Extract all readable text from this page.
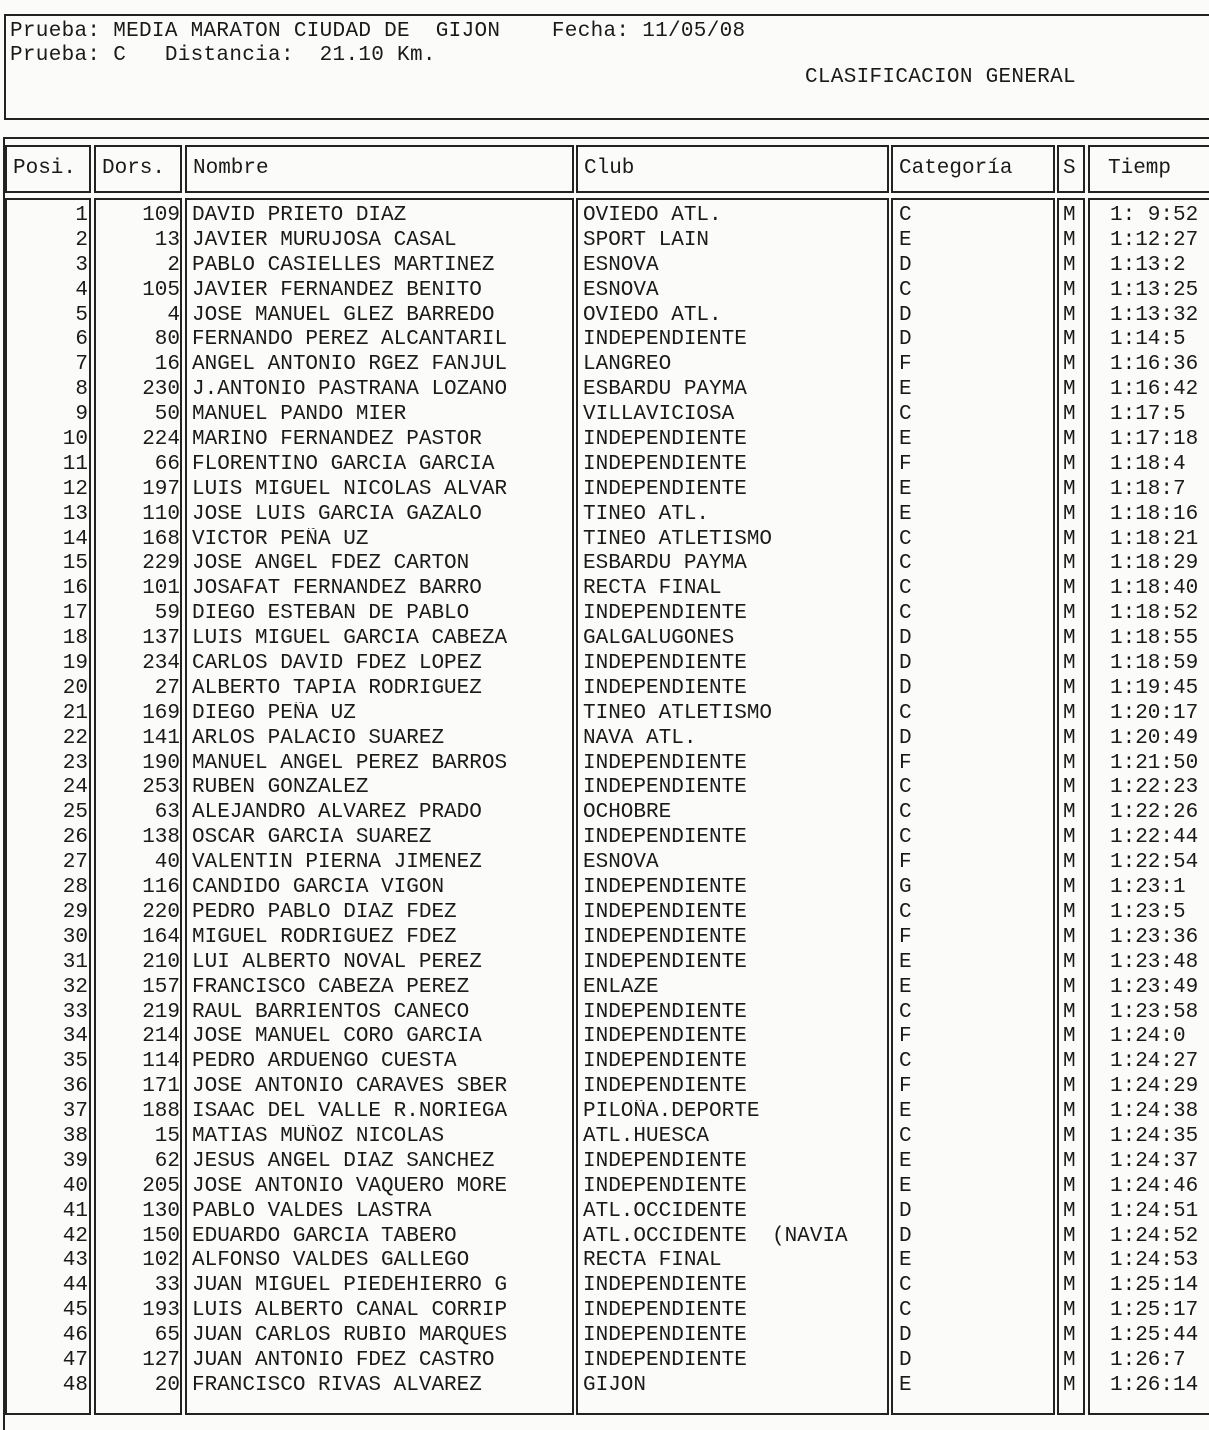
Prueba: MEDIA MARATON CIUDAD DE  GIJON    Fecha: 11/05/08
Prueba: C   Distancia:  21.10 Km.
CLASIFICACION GENERAL
Posi.	Dors.	Nombre	Club	Categoría	S	Tiemp
1	109 DAVID PRIETO DIAZ	OVIEDO ATL.	C	M	1: 9:52
2	13 JAVIER MURUJOSA CASAL	SPORT LAIN	E	M	1:12:27
3	2 PABLO CASIELLES MARTINEZ	ESNOVA	D	M	1:13:2
4	105 JAVIER FERNANDEZ BENITO	ESNOVA	C	M	1:13:25
5	4 JOSE MANUEL GLEZ BARREDO	OVIEDO ATL.	D	M	1:13:32
6	80 FERNANDO PEREZ ALCANTARIL	INDEPENDIENTE	D	M	1:14:5
7	16 ANGEL ANTONIO RGEZ FANJUL	LANGREO	F	M	1:16:36
8	230 J.ANTONIO PASTRANA LOZANO	ESBARDU PAYMA	E	M	1:16:42
9	50 MANUEL PANDO MIER	VILLAVICIOSA	C	M	1:17:5
10	224 MARINO FERNANDEZ PASTOR	INDEPENDIENTE	E	M	1:17:18
11	66 FLORENTINO GARCIA GARCIA	INDEPENDIENTE	F	M	1:18:4
12	197 LUIS MIGUEL NICOLAS ALVAR	INDEPENDIENTE	E	M	1:18:7
13	110 JOSE LUIS GARCIA GAZALO	TINEO ATL.	E	M	1:18:16
14	168 VICTOR PEÑA UZ	TINEO ATLETISMO	C	M	1:18:21
15	229 JOSE ANGEL FDEZ CARTON	ESBARDU PAYMA	C	M	1:18:29
16	101 JOSAFAT FERNANDEZ BARRO	RECTA FINAL	C	M	1:18:40
17	59 DIEGO ESTEBAN DE PABLO	INDEPENDIENTE	C	M	1:18:52
18	137 LUIS MIGUEL GARCIA CABEZA	GALGALUGONES	D	M	1:18:55
19	234 CARLOS DAVID FDEZ LOPEZ	INDEPENDIENTE	D	M	1:18:59
20	27 ALBERTO TAPIA RODRIGUEZ	INDEPENDIENTE	D	M	1:19:45
21	169 DIEGO PEÑA UZ	TINEO ATLETISMO	C	M	1:20:17
22	141 ARLOS PALACIO SUAREZ	NAVA ATL.	D	M	1:20:49
23	190 MANUEL ANGEL PEREZ BARROS	INDEPENDIENTE	F	M	1:21:50
24	253 RUBEN GONZALEZ	INDEPENDIENTE	C	M	1:22:23
25	63 ALEJANDRO ALVAREZ PRADO	OCHOBRE	C	M	1:22:26
26	138 OSCAR GARCIA SUAREZ	INDEPENDIENTE	C	M	1:22:44
27	40 VALENTIN PIERNA JIMENEZ	ESNOVA	F	M	1:22:54
28	116 CANDIDO GARCIA VIGON	INDEPENDIENTE	G	M	1:23:1
29	220 PEDRO PABLO DIAZ FDEZ	INDEPENDIENTE	C	M	1:23:5
30	164 MIGUEL RODRIGUEZ FDEZ	INDEPENDIENTE	F	M	1:23:36
31	210 LUI ALBERTO NOVAL PEREZ	INDEPENDIENTE	E	M	1:23:48
32	157 FRANCISCO CABEZA PEREZ	ENLAZE	E	M	1:23:49
33	219 RAUL BARRIENTOS CANECO	INDEPENDIENTE	C	M	1:23:58
34	214 JOSE MANUEL CORO GARCIA	INDEPENDIENTE	F	M	1:24:0
35	114 PEDRO ARDUENGO CUESTA	INDEPENDIENTE	C	M	1:24:27
36	171 JOSE ANTONIO CARAVES SBER	INDEPENDIENTE	F	M	1:24:29
37	188 ISAAC DEL VALLE R.NORIEGA	PILOÑA.DEPORTE	E	M	1:24:38
38	15 MATIAS MUÑOZ NICOLAS	ATL.HUESCA	C	M	1:24:35
39	62 JESUS ANGEL DIAZ SANCHEZ	INDEPENDIENTE	E	M	1:24:37
40	205 JOSE ANTONIO VAQUERO MORE	INDEPENDIENTE	E	M	1:24:46
41	130 PABLO VALDES LASTRA	ATL.OCCIDENTE	D	M	1:24:51
42	150 EDUARDO GARCIA TABERO	ATL.OCCIDENTE  (NAVIA	D	M	1:24:52
43	102 ALFONSO VALDES GALLEGO	RECTA FINAL	E	M	1:24:53
44	33 JUAN MIGUEL PIEDEHIERRO G	INDEPENDIENTE	C	M	1:25:14
45	193 LUIS ALBERTO CANAL CORRIP	INDEPENDIENTE	C	M	1:25:17
46	65 JUAN CARLOS RUBIO MARQUES	INDEPENDIENTE	D	M	1:25:44
47	127 JUAN ANTONIO FDEZ CASTRO	INDEPENDIENTE	D	M	1:26:7
48	20 FRANCISCO RIVAS ALVAREZ	GIJON	E	M	1:26:14
